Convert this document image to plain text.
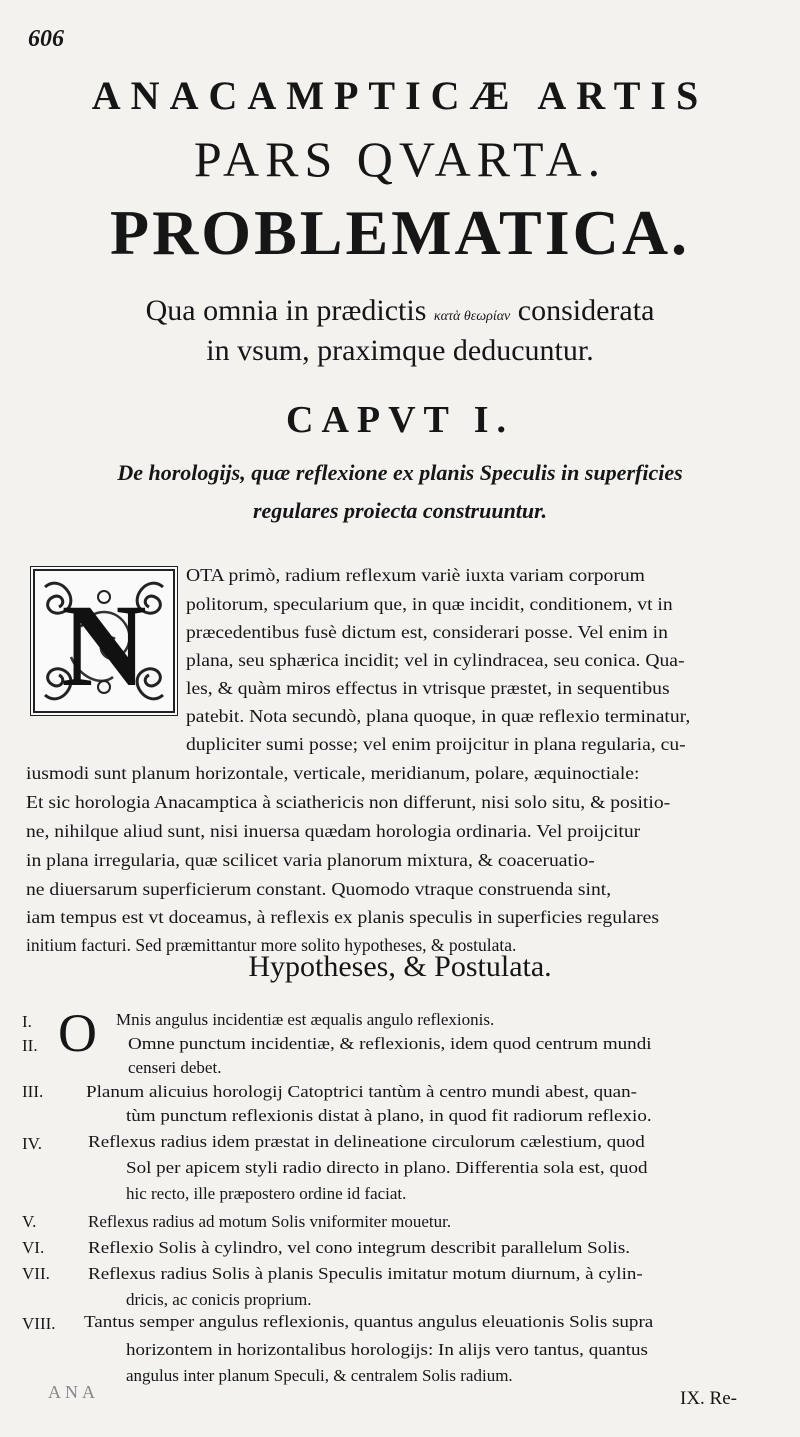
606
ANACAMPTICÆ ARTIS
PARS QVARTA.
PROBLEMATICA.
Qua omnia in prædictis κατὰ θεωρίαν considerata
in vsum, praximque deducuntur.
CAPVT I.
De horologijs, quæ reflexione ex planis Speculis in superficies
regulares proiecta construuntur.
N
OTA primò, radium reflexum variè iuxta variam corporum
politorum, specularium que, in quæ incidit, conditionem, vt in
præcedentibus fusè dictum est, considerari posse. Vel enim in
plana, seu sphærica incidit; vel in cylindracea, seu conica. Qua-
les, & quàm miros effectus in vtrisque præstet, in sequentibus
patebit. Nota secundò, plana quoque, in quæ reflexio terminatur,
dupliciter sumi posse; vel enim proijcitur in plana regularia, cu-
iusmodi sunt planum horizontale, verticale, meridianum, polare, æquinoctiale:
Et sic horologia Anacamptica à sciathericis non differunt, nisi solo situ, & positio-
ne, nihilque aliud sunt, nisi inuersa quædam horologia ordinaria. Vel proijcitur
in plana irregularia, quæ scilicet varia planorum mixtura, & coaceruatio-
ne diuersarum superficierum constant. Quomodo vtraque construenda sint,
iam tempus est vt doceamus, à reflexis ex planis speculis in superficies regulares
initium facturi. Sed præmittantur more solito hypotheses, & postulata.
Hypotheses, & Postulata.
O
I.	Mnis angulus incidentiæ est æqualis angulo reflexionis.
II.	Omne punctum incidentiæ, & reflexionis, idem quod centrum mundi
censeri debet.
III.	Planum alicuius horologij Catoptrici tantùm à centro mundi abest, quan-
tùm punctum reflexionis distat à plano, in quod fit radiorum reflexio.
IV.	Reflexus radius idem præstat in delineatione circulorum cælestium, quod
Sol per apicem styli radio directo in plano. Differentia sola est, quod
hic recto, ille præpostero ordine id faciat.
V.	Reflexus radius ad motum Solis vniformiter mouetur.
VI.	Reflexio Solis à cylindro, vel cono integrum describit parallelum Solis.
VII. Reflexus radius Solis à planis Speculis imitatur motum diurnum, à cylin-
dricis, ac conicis proprium.
VIII. Tantus semper angulus reflexionis, quantus angulus eleuationis Solis supra
horizontem in horizontalibus horologijs: In alijs vero tantus, quantus
angulus inter planum Speculi, & centralem Solis radium.
ANA	IX. Re-
